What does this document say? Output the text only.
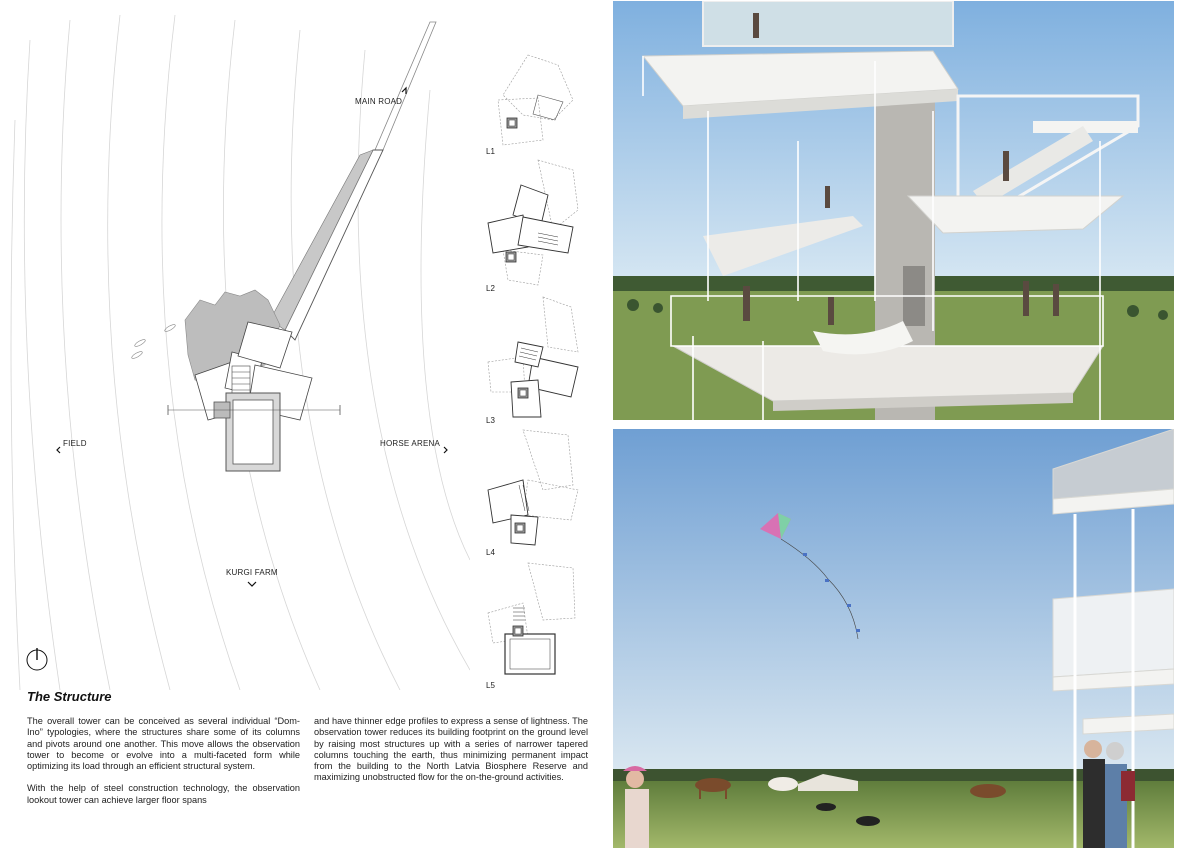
MAIN ROAD
FIELD	HORSE ARENA
KURGI FARM
L1
L2
L3
L4
L5
The Structure

The overall tower can be conceived as several individual “Dom-Ino” typologies, where the structures share some of its columns and pivots around one another. This move allows the observation tower to become or evolve into a multi-faceted form while optimizing its load through an efficient structural system.

With the help of steel construction technology, the observation lookout tower can achieve larger floor spans

and have thinner edge profiles to express a sense of lightness. The observation tower reduces its building footprint on the ground level by raising most structures up with a series of narrower tapered columns touching the earth, thus minimizing permanent impact from the building to the North Latvia Biosphere Reserve and maximizing unobstructed flow for the on-the-ground activities.
